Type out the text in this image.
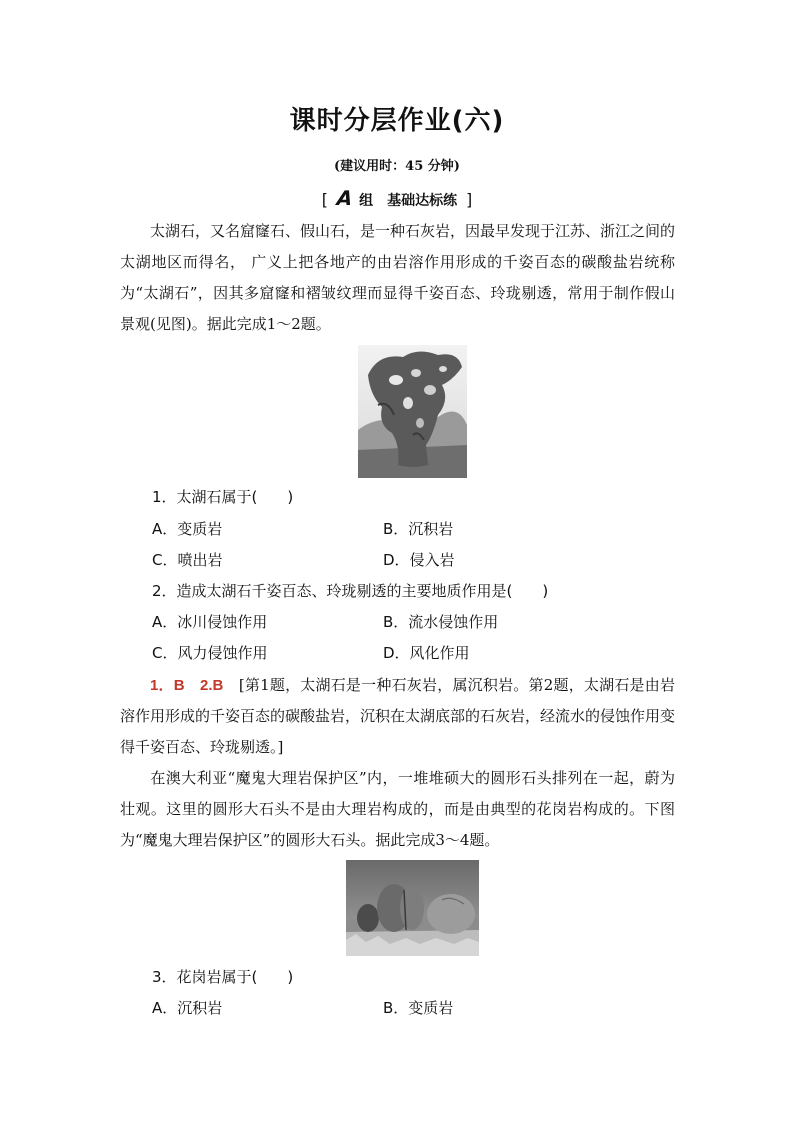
课时分层作业(六)
(建议用时：45 分钟)
[ A 组　基础达标练 ]
太湖石，又名窟窿石、假山石，是一种石灰岩，因最早发现于江苏、浙江之间的太湖地区而得名， 广义上把各地产的由岩溶作用形成的千姿百态的碳酸盐岩统称为“太湖石”，因其多窟窿和褶皱纹理而显得千姿百态、玲珑剔透，常用于制作假山景观(见图)。据此完成1～2题。
1．太湖石属于(　　)
A．变质岩	B．沉积岩
C．喷出岩	D．侵入岩
2．造成太湖石千姿百态、玲珑剔透的主要地质作用是(　　)
A．冰川侵蚀作用	B．流水侵蚀作用
C．风力侵蚀作用	D．风化作用
1．B　2.B　[第1题，太湖石是一种石灰岩，属沉积岩。第2题，太湖石是由岩溶作用形成的千姿百态的碳酸盐岩，沉积在太湖底部的石灰岩，经流水的侵蚀作用变得千姿百态、玲珑剔透。]
在澳大利亚“魔鬼大理岩保护区”内，一堆堆硕大的圆形石头排列在一起，蔚为壮观。这里的圆形大石头不是由大理岩构成的，而是由典型的花岗岩构成的。下图为“魔鬼大理岩保护区”的圆形大石头。据此完成3～4题。
3．花岗岩属于(　　)
A．沉积岩	B．变质岩
